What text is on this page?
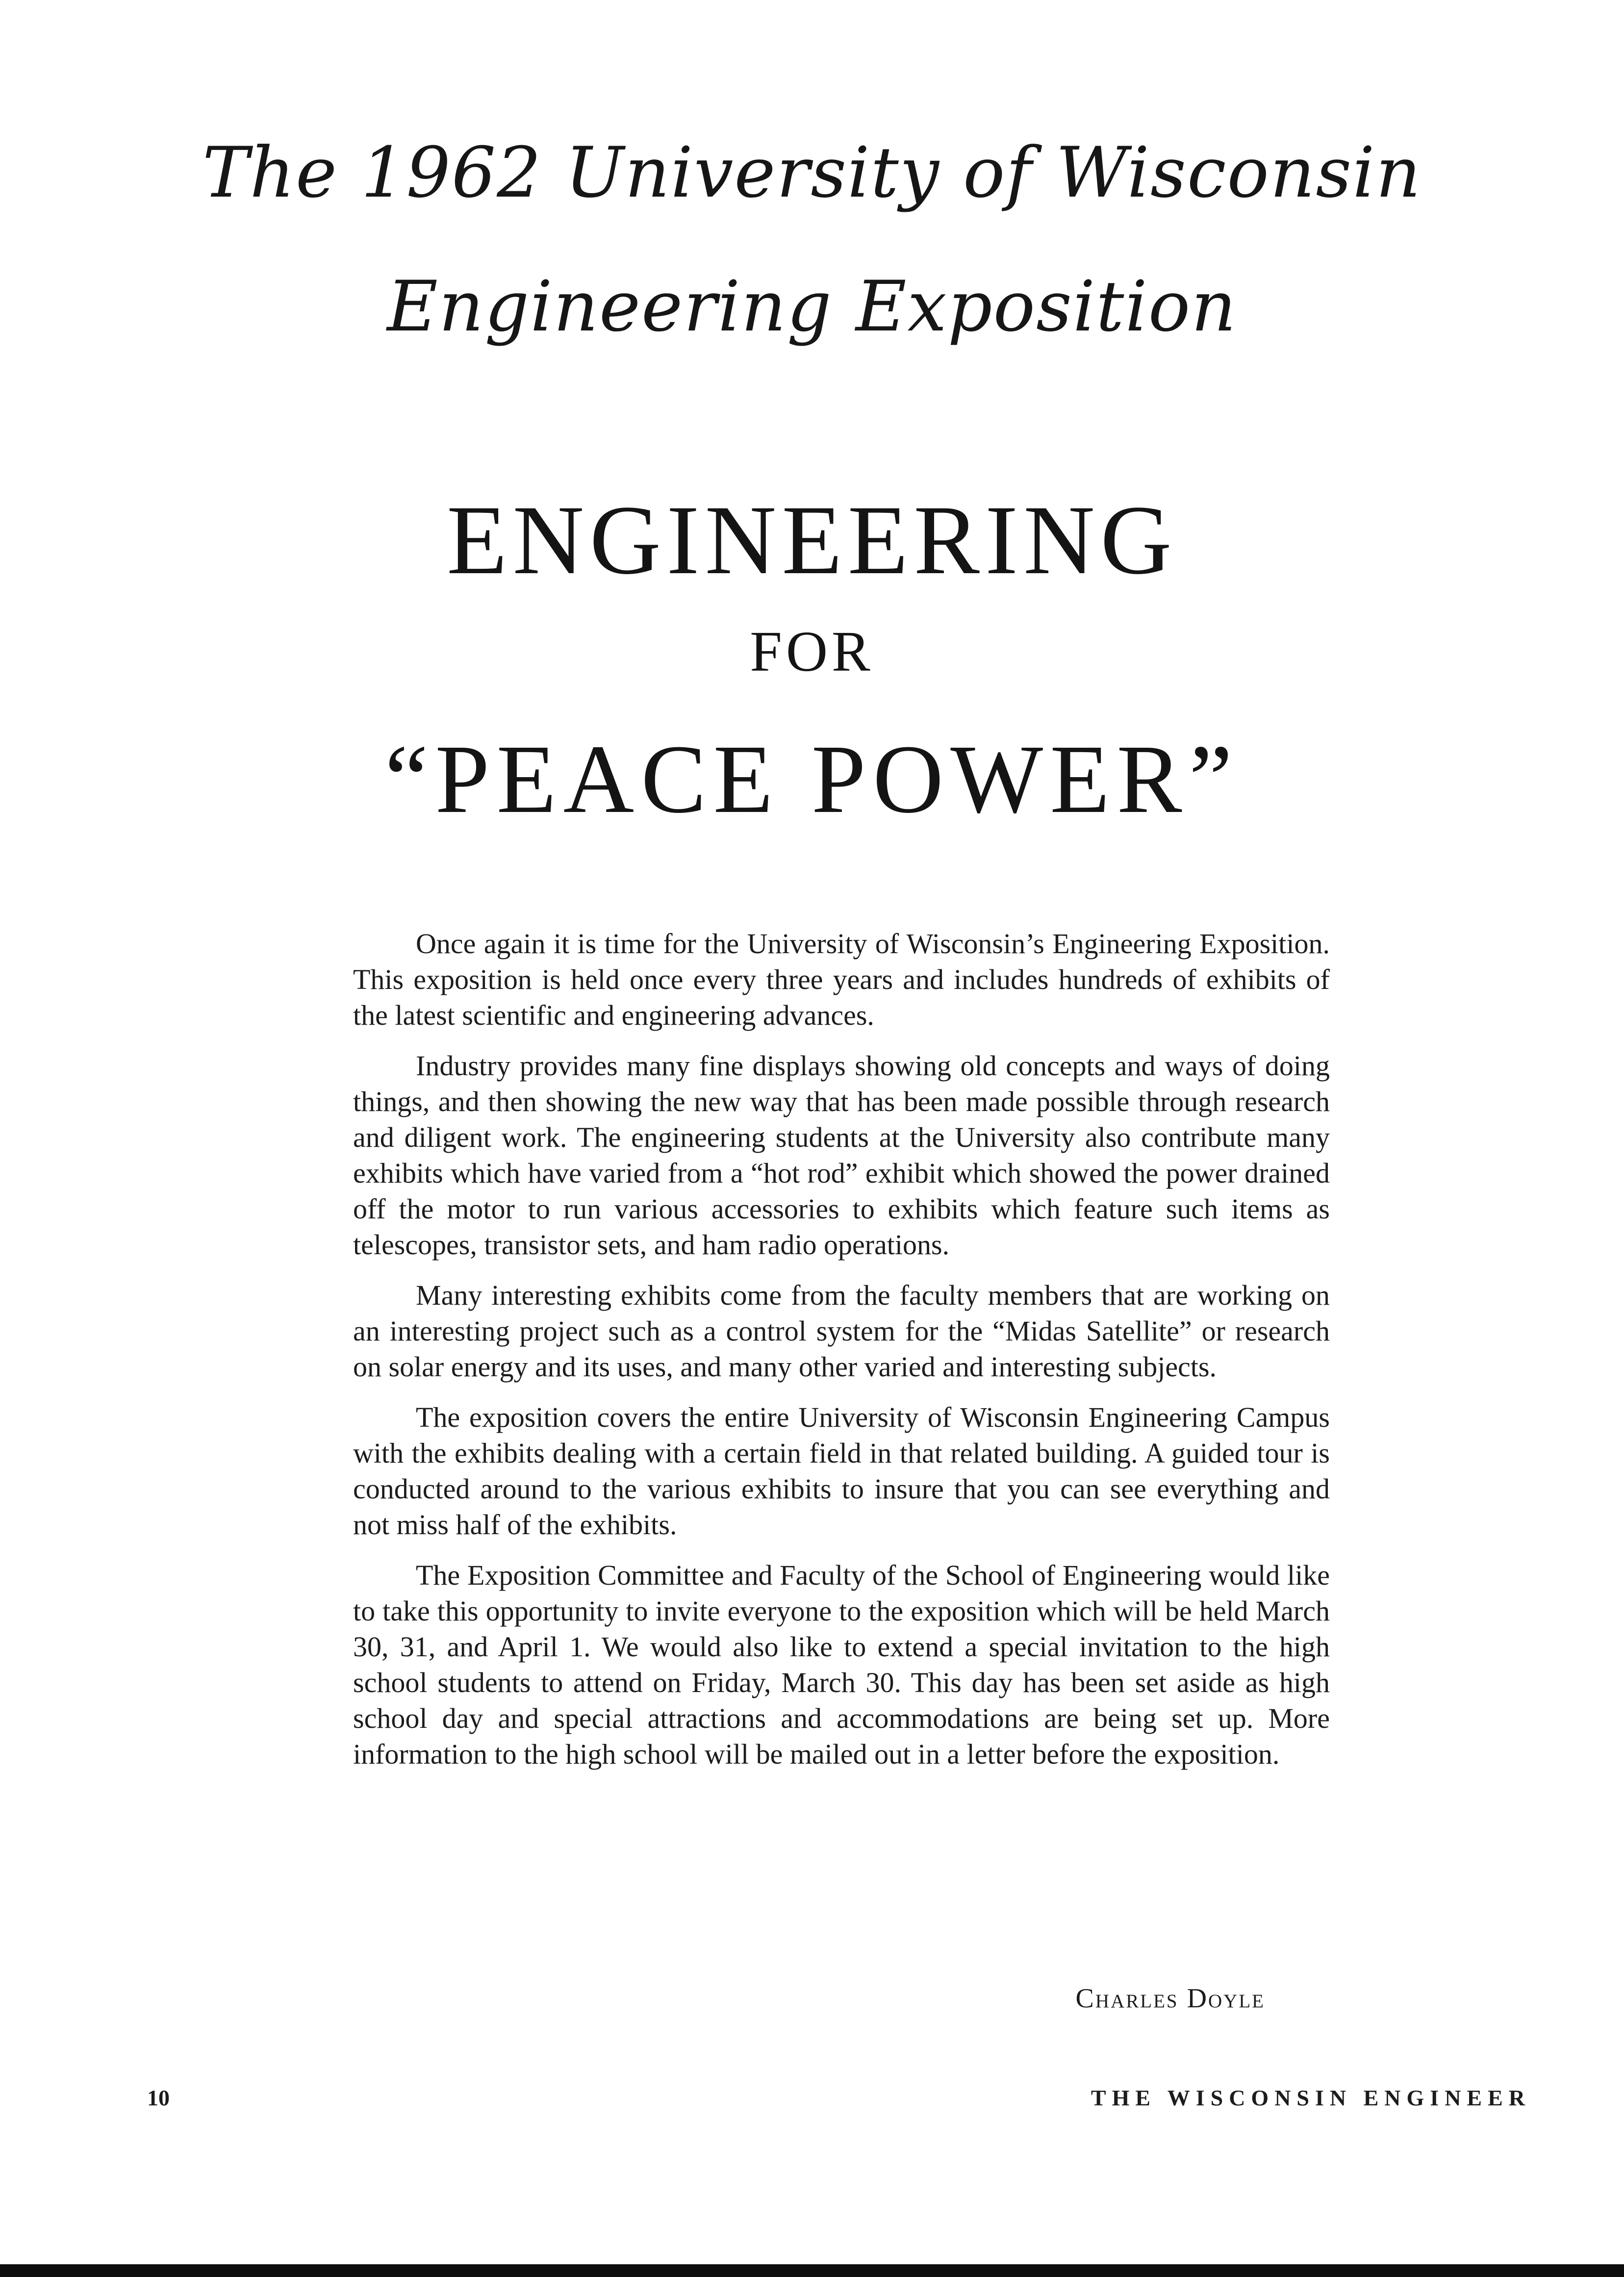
The 1962 University of Wisconsin
Engineering Exposition
ENGINEERING
FOR
“PEACE POWER”

Once again it is time for the University of Wisconsin’s Engineering Exposition. This exposition is held once every three years and includes hundreds of exhibits of the latest scientific and engineering advances.

Industry provides many fine displays showing old concepts and ways of doing things, and then showing the new way that has been made possible through research and diligent work. The engineering students at the University also contribute many exhibits which have varied from a “hot rod” exhibit which showed the power drained off the motor to run various accessories to exhibits which feature such items as telescopes, transistor sets, and ham radio operations.

Many interesting exhibits come from the faculty members that are working on an interesting project such as a control system for the “Midas Satellite” or research on solar energy and its uses, and many other varied and interesting subjects.

The exposition covers the entire University of Wisconsin Engineering Campus with the exhibits dealing with a certain field in that related building. A guided tour is conducted around to the various exhibits to insure that you can see everything and not miss half of the exhibits.

The Exposition Committee and Faculty of the School of Engineering would like to take this opportunity to invite everyone to the exposition which will be held March 30, 31, and April 1. We would also like to extend a special invitation to the high school students to attend on Friday, March 30. This day has been set aside as high school day and special attractions and accommodations are being set up. More information to the high school will be mailed out in a letter before the exposition.

Charles Doyle
10	THE WISCONSIN ENGINEER
